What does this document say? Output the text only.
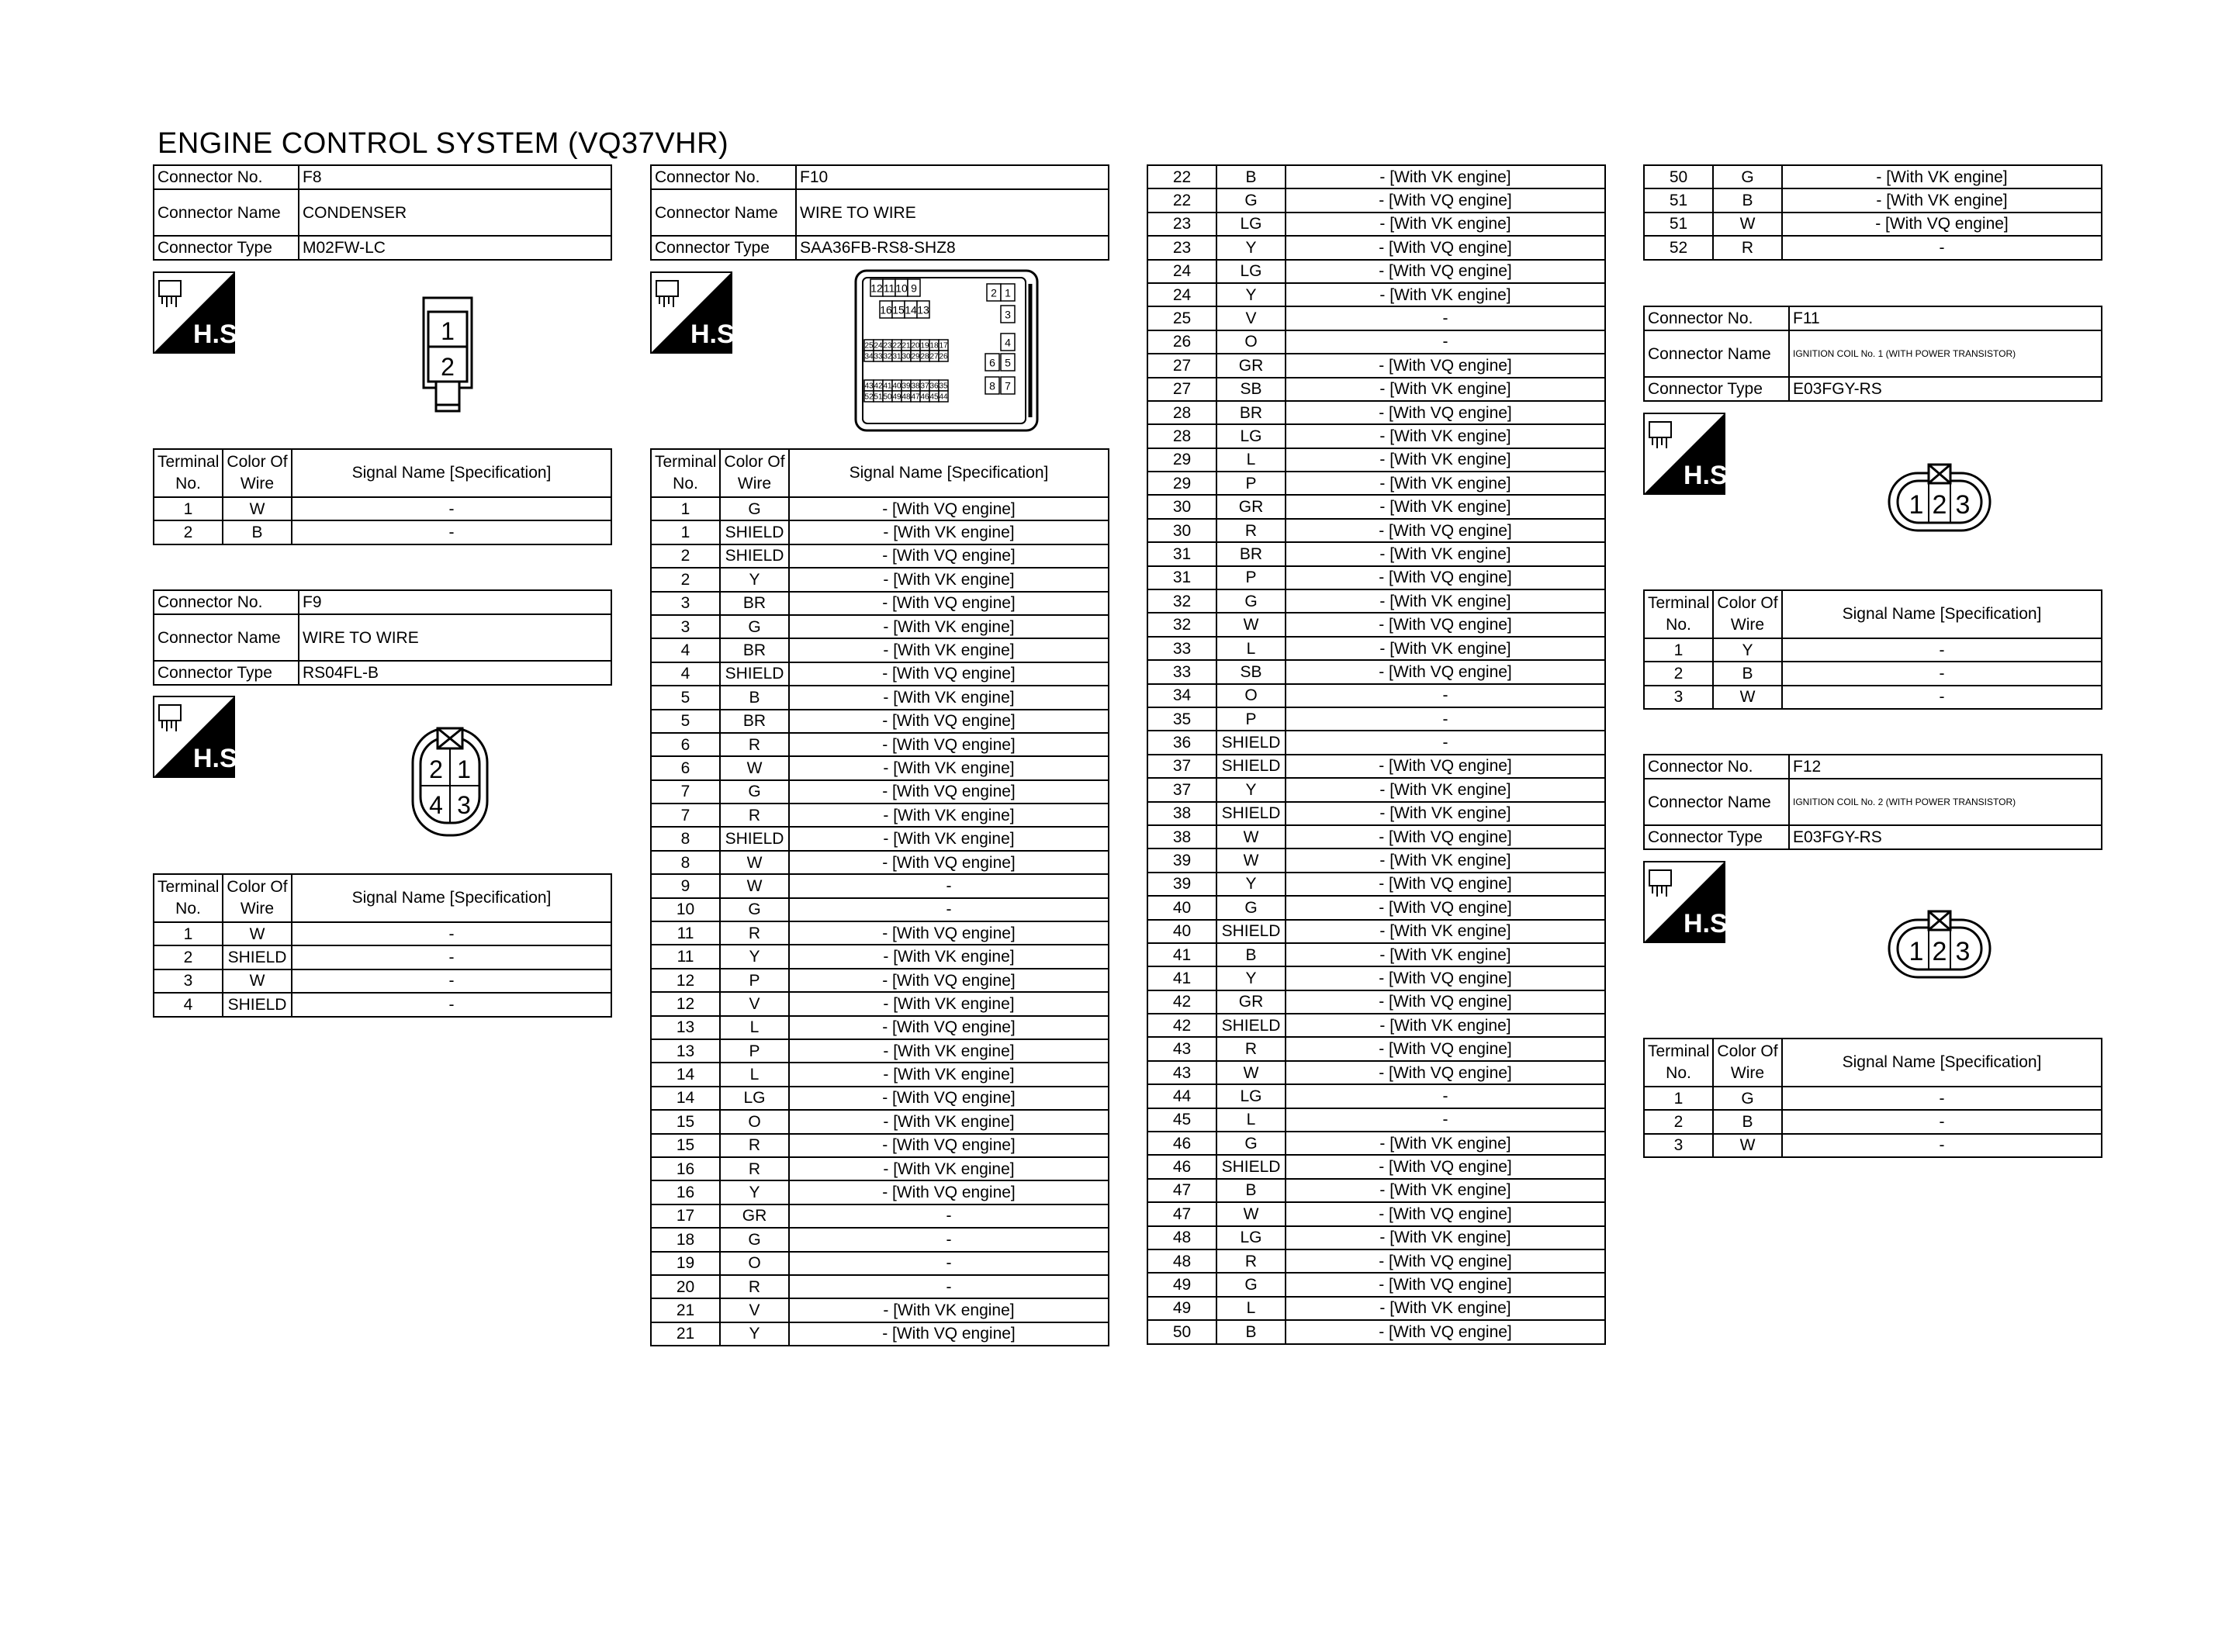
ENGINE CONTROL SYSTEM (VQ37VHR)
Connector No.	F8
Connector Name	CONDENSER
Connector Type	M02FW-LC
H.S.	1
2
Terminal No.	Color Of Wire	Signal Name [Specification]
1	W	-
2	B	-
Connector No.	F9
Connector Name	WIRE TO WIRE
Connector Type	RS04FL-B
H.S.	2 1
4 3
Terminal No.	Color Of Wire	Signal Name [Specification]
1	W	-
2	SHIELD	-
3	W	-
4	SHIELD	-
Connector No.	F10
Connector Name	WIRE TO WIRE
Connector Type	SAA36FB-RS8-SHZ8
H.S.
12 11 10 9	2 1
16 15 14 13	3
25 24 23 22 21 20 19 18 17	4
34 33 32 31 30 29 28 27 26	6 5
43 42 41 40 39 38 37 36 35	8 7
52 51 50 49 48 47 46 45 44
Terminal No.	Color Of Wire	Signal Name [Specification]
1	G	- [With VQ engine]
1	SHIELD	- [With VK engine]
2	SHIELD	- [With VQ engine]
2	Y	- [With VK engine]
3	BR	- [With VQ engine]
3	G	- [With VK engine]
4	BR	- [With VK engine]
4	SHIELD	- [With VQ engine]
5	B	- [With VK engine]
5	BR	- [With VQ engine]
6	R	- [With VQ engine]
6	W	- [With VK engine]
7	G	- [With VQ engine]
7	R	- [With VK engine]
8	SHIELD	- [With VK engine]
8	W	- [With VQ engine]
9	W	-
10	G	-
11	R	- [With VQ engine]
11	Y	- [With VK engine]
12	P	- [With VQ engine]
12	V	- [With VK engine]
13	L	- [With VQ engine]
13	P	- [With VK engine]
14	L	- [With VK engine]
14	LG	- [With VQ engine]
15	O	- [With VK engine]
15	R	- [With VQ engine]
16	R	- [With VK engine]
16	Y	- [With VQ engine]
17	GR	-
18	G	-
19	O	-
20	R	-
21	V	- [With VK engine]
21	Y	- [With VQ engine]
22	B	- [With VK engine]
22	G	- [With VQ engine]
23	LG	- [With VK engine]
23	Y	- [With VQ engine]
24	LG	- [With VQ engine]
24	Y	- [With VK engine]
25	V	-
26	O	-
27	GR	- [With VQ engine]
27	SB	- [With VK engine]
28	BR	- [With VQ engine]
28	LG	- [With VK engine]
29	L	- [With VK engine]
29	P	- [With VK engine]
30	GR	- [With VK engine]
30	R	- [With VQ engine]
31	BR	- [With VK engine]
31	P	- [With VQ engine]
32	G	- [With VK engine]
32	W	- [With VQ engine]
33	L	- [With VK engine]
33	SB	- [With VQ engine]
34	O	-
35	P	-
36	SHIELD	-
37	SHIELD	- [With VQ engine]
37	Y	- [With VK engine]
38	SHIELD	- [With VK engine]
38	W	- [With VQ engine]
39	W	- [With VK engine]
39	Y	- [With VQ engine]
40	G	- [With VQ engine]
40	SHIELD	- [With VK engine]
41	B	- [With VK engine]
41	Y	- [With VQ engine]
42	GR	- [With VQ engine]
42	SHIELD	- [With VK engine]
43	R	- [With VQ engine]
43	W	- [With VQ engine]
44	LG	-
45	L	-
46	G	- [With VK engine]
46	SHIELD	- [With VQ engine]
47	B	- [With VK engine]
47	W	- [With VQ engine]
48	LG	- [With VK engine]
48	R	- [With VQ engine]
49	G	- [With VQ engine]
49	L	- [With VK engine]
50	B	- [With VQ engine]
50	G	- [With VK engine]
51	B	- [With VK engine]
51	W	- [With VQ engine]
52	R	-
Connector No.	F11
Connector Name	IGNITION COIL No. 1 (WITH POWER TRANSISTOR)
Connector Type	E03FGY-RS
H.S.
1 2 3
Terminal No.	Color Of Wire	Signal Name [Specification]
1	Y	-
2	B	-
3	W	-
Connector No.	F12
Connector Name	IGNITION COIL No. 2 (WITH POWER TRANSISTOR)
Connector Type	E03FGY-RS
H.S.
1 2 3
Terminal No.	Color Of Wire	Signal Name [Specification]
1	G	-
2	B	-
3	W	-
